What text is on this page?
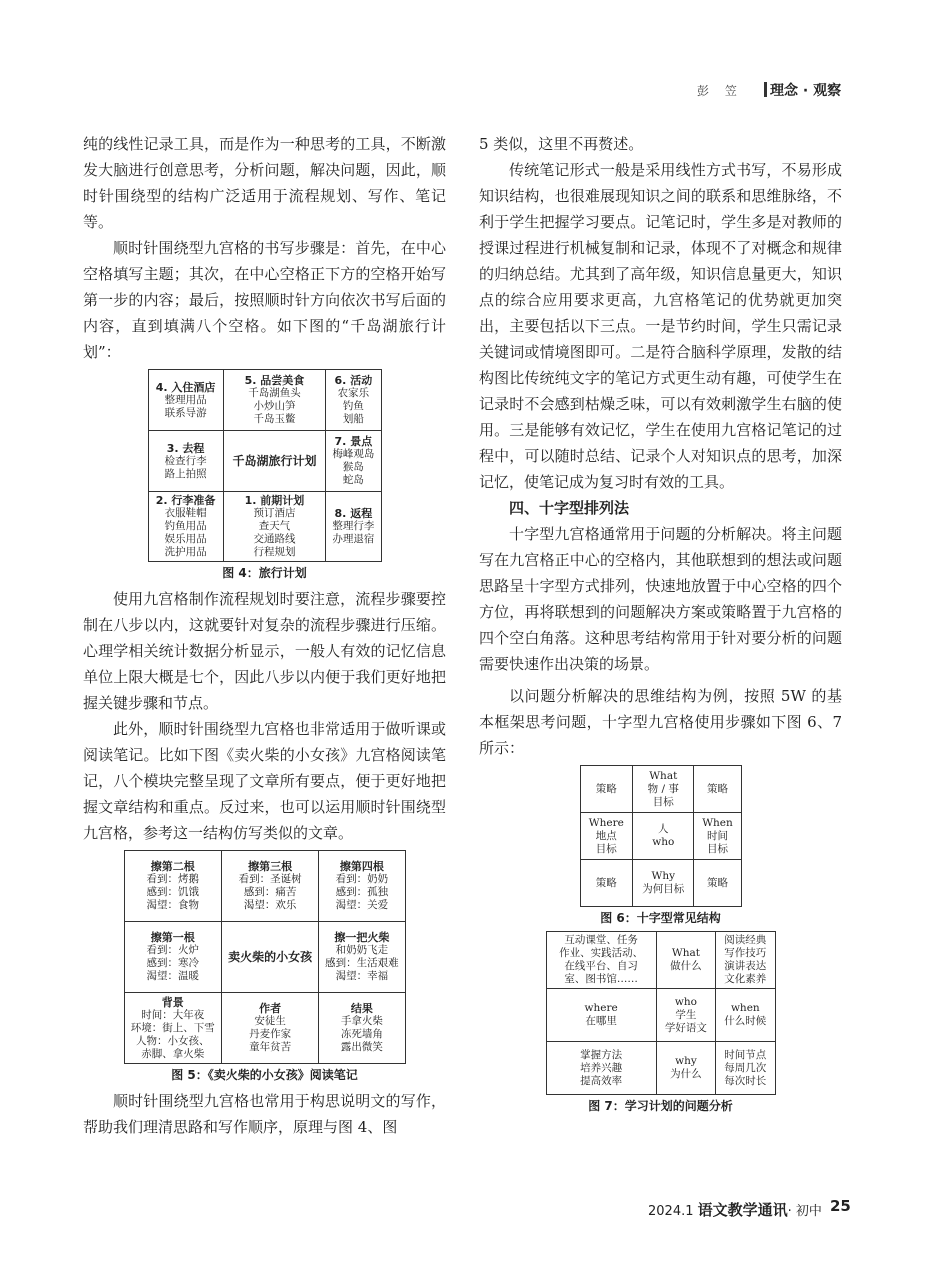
彭 笠 理念 · 观察

纯的线性记录工具，而是作为一种思考的工具，不断激发大脑进行创意思考，分析问题，解决问题，因此，顺时针围绕型的结构广泛适用于流程规划、写作、笔记等。

顺时针围绕型九宫格的书写步骤是：首先，在中心空格填写主题；其次，在中心空格正下方的空格开始写第一步的内容；最后，按照顺时针方向依次书写后面的内容，直到填满八个空格。如下图的“千岛湖旅行计划”：

4. 入住酒店
整理用品
联系导游	5. 品尝美食
千岛湖鱼头
小炒山笋
千岛玉鳖	6. 活动
农家乐
钓鱼
划船

3. 去程
检查行李
路上拍照	千岛湖旅行计划	7. 景点
梅峰观岛
猴岛
蛇岛

2. 行李准备
衣服鞋帽
钓鱼用品
娱乐用品
洗护用品	1. 前期计划
预订酒店
查天气
交通路线
行程规划	8. 返程
整理行李
办理退宿
图 4：旅行计划

使用九宫格制作流程规划时要注意，流程步骤要控制在八步以内，这就要针对复杂的流程步骤进行压缩。心理学相关统计数据分析显示，一般人有效的记忆信息单位上限大概是七个，因此八步以内便于我们更好地把握关键步骤和节点。

此外，顺时针围绕型九宫格也非常适用于做听课或阅读笔记。比如下图《卖火柴的小女孩》九宫格阅读笔记，八个模块完整呈现了文章所有要点，便于更好地把握文章结构和重点。反过来，也可以运用顺时针围绕型九宫格，参考这一结构仿写类似的文章。

擦第二根
看到：烤鹅
感到：饥饿
渴望：食物	擦第三根
看到：圣诞树
感到：痛苦
渴望：欢乐	擦第四根
看到：奶奶
感到：孤独
渴望：关爱

擦第一根
看到：火炉
感到：寒冷
渴望：温暖	卖火柴的小女孩	擦一把火柴
和奶奶飞走
感到：生活艰难
渴望：幸福

背景
时间：大年夜
环境：街上、下雪
人物：小女孩、
赤脚、拿火柴	作者
安徒生
丹麦作家
童年贫苦	结果
手拿火柴
冻死墙角
露出微笑
图 5：《卖火柴的小女孩》阅读笔记

顺时针围绕型九宫格也常用于构思说明文的写作，帮助我们理清思路和写作顺序，原理与图 4、图

5 类似，这里不再赘述。

传统笔记形式一般是采用线性方式书写，不易形成知识结构，也很难展现知识之间的联系和思维脉络，不利于学生把握学习要点。记笔记时，学生多是对教师的授课过程进行机械复制和记录，体现不了对概念和规律的归纳总结。尤其到了高年级，知识信息量更大，知识点的综合应用要求更高，九宫格笔记的优势就更加突出，主要包括以下三点。一是节约时间，学生只需记录关键词或情境图即可。二是符合脑科学原理，发散的结构图比传统纯文字的笔记方式更生动有趣，可使学生在记录时不会感到枯燥乏味，可以有效刺激学生右脑的使用。三是能够有效记忆，学生在使用九宫格记笔记的过程中，可以随时总结、记录个人对知识点的思考，加深记忆，使笔记成为复习时有效的工具。

四、十字型排列法

十字型九宫格通常用于问题的分析解决。将主问题写在九宫格正中心的空格内，其他联想到的想法或问题思路呈十字型方式排列，快速地放置于中心空格的四个方位，再将联想到的问题解决方案或策略置于九宫格的四个空白角落。这种思考结构常用于针对要分析的问题需要快速作出决策的场景。

以问题分析解决的思维结构为例，按照 5W 的基本框架思考问题，十字型九宫格使用步骤如下图 6、7 所示：

策略	What
物 / 事
目标	策略

Where
地点
目标	人
who	When
时间
目标

策略	Why
为何目标	策略
图 6：十字型常见结构
互动课堂、任务
作业、实践活动、
在线平台、自习
室、图书馆……	What
做什么	阅读经典
写作技巧
演讲表达
文化素养

where
在哪里	who
学生
学好语文	when
什么时候

掌握方法
培养兴趣
提高效率	why
为什么	时间节点
每周几次
每次时长
图 7：学习计划的问题分析
2024.1 语文教学通讯· 初中 25
